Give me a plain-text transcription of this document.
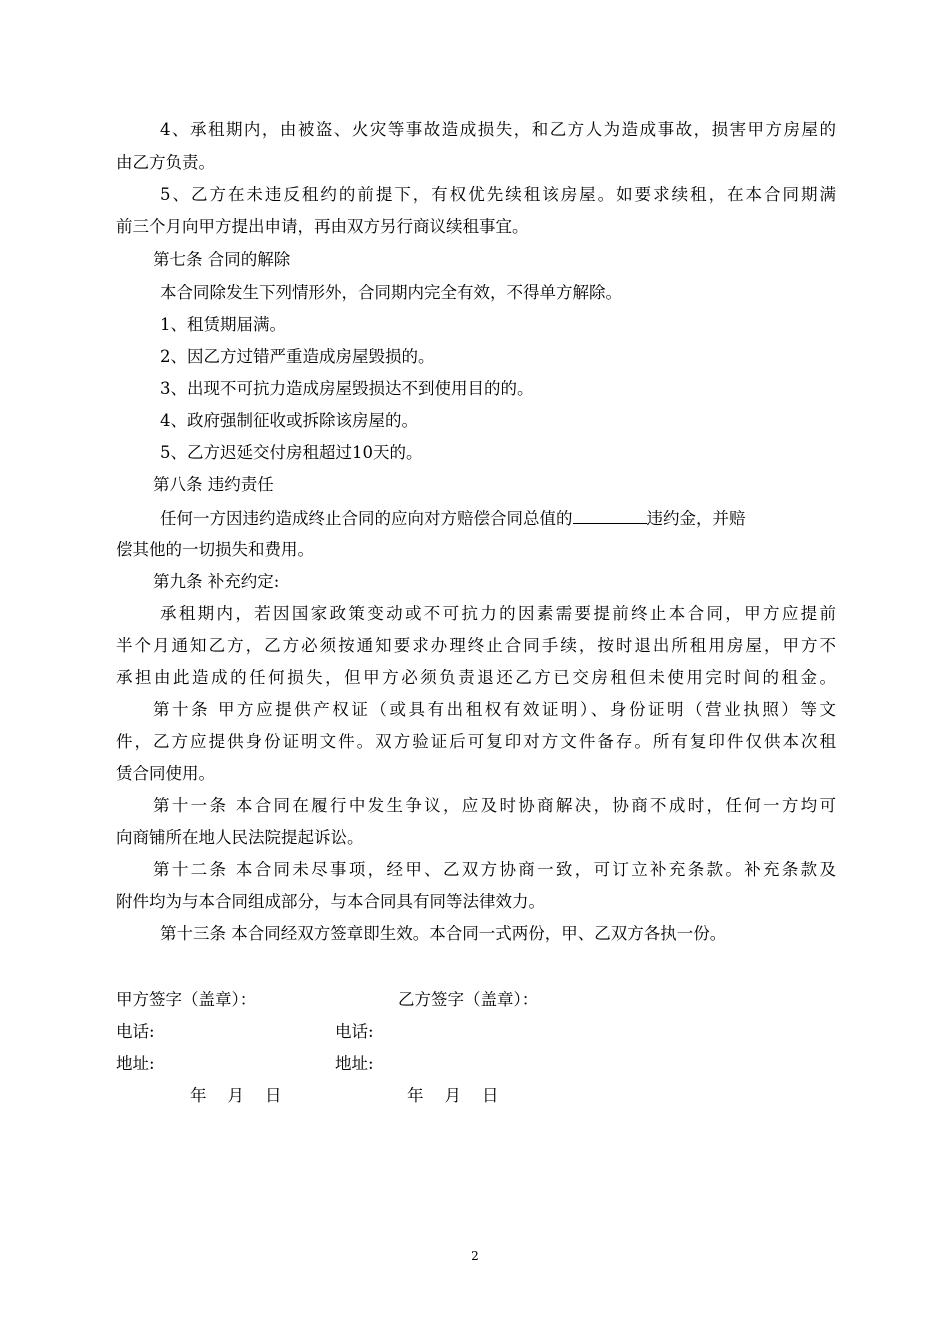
4、承租期内，由被盗、火灾等事故造成损失，和乙方人为造成事故，损害甲方房屋的
由乙方负责。
5、乙方在未违反租约的前提下，有权优先续租该房屋。如要求续租，在本合同期满
前三个月向甲方提出申请，再由双方另行商议续租事宜。
第七条 合同的解除
本合同除发生下列情形外，合同期内完全有效，不得单方解除。
1、租赁期届满。
2、因乙方过错严重造成房屋毁损的。
3、出现不可抗力造成房屋毁损达不到使用目的的。
4、政府强制征收或拆除该房屋的。
5、乙方迟延交付房租超过10天的。
第八条 违约责任
任何一方因违约造成终止合同的应向对方赔偿合同总值的	违约金，并赔
偿其他的一切损失和费用。
第九条 补充约定:
承租期内，若因国家政策变动或不可抗力的因素需要提前终止本合同，甲方应提前
半个月通知乙方，乙方必须按通知要求办理终止合同手续，按时退出所租用房屋，甲方不
承担由此造成的任何损失，但甲方必须负责退还乙方已交房租但未使用完时间的租金。
第十条 甲方应提供产权证（或具有出租权有效证明）、身份证明（营业执照）等文
件，乙方应提供身份证明文件。双方验证后可复印对方文件备存。所有复印件仅供本次租
赁合同使用。
第十一条 本合同在履行中发生争议，应及时协商解决，协商不成时，任何一方均可
向商铺所在地人民法院提起诉讼。
第十二条 本合同未尽事项，经甲、乙双方协商一致，可订立补充条款。补充条款及
附件均为与本合同组成部分，与本合同具有同等法律效力。
第十三条 本合同经双方签章即生效。本合同一式两份，甲、乙双方各执一份。
甲方签字（盖章）：	乙方签字（盖章）：
电话:	电话:
地址:	地址:
年    月    日	年    月    日
2
